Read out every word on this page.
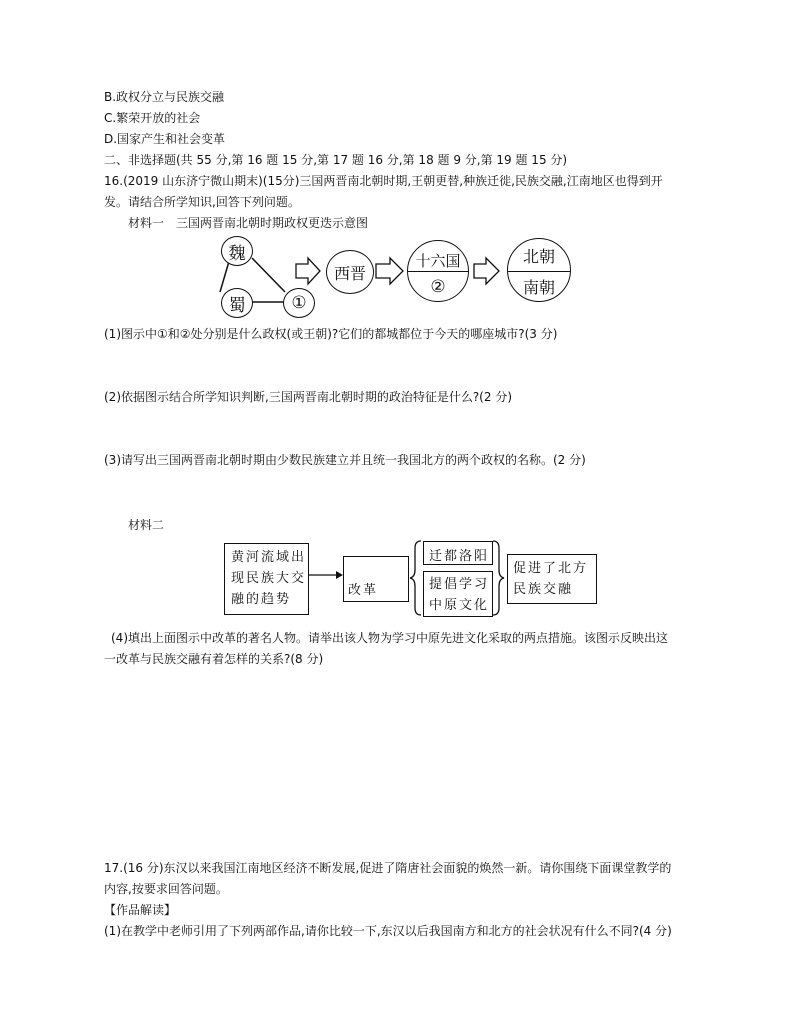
B.政权分立与民族交融
C.繁荣开放的社会
D.国家产生和社会变革
二、非选择题(共 55 分,第 16 题 15 分,第 17 题 16 分,第 18 题 9 分,第 19 题 15 分)
16.(2019 山东济宁微山期末)(15分)三国两晋南北朝时期,王朝更替,种族迁徙,民族交融,江南地区也得到开
发。请结合所学知识,回答下列问题。
材料一　三国两晋南北朝时期政权更迭示意图
魏
蜀	①
西晋
十六国
②
北朝
南朝
(1)图示中①和②处分别是什么政权(或王朝)?它们的都城都位于今天的哪座城市?(3 分)
(2)依据图示结合所学知识判断,三国两晋南北朝时期的政治特征是什么?(2 分)
(3)请写出三国两晋南北朝时期由少数民族建立并且统一我国北方的两个政权的名称。(2 分)
材料二
黄河流域出
现民族大交
融的趋势
改革
迁都洛阳
提倡学习
中原文化
促进了北方
民族交融
(4)填出上面图示中改革的著名人物。请举出该人物为学习中原先进文化采取的两点措施。该图示反映出这
一改革与民族交融有着怎样的关系?(8 分)
17.(16 分)东汉以来我国江南地区经济不断发展,促进了隋唐社会面貌的焕然一新。请你围绕下面课堂教学的
内容,按要求回答问题。
【作品解读】
(1)在教学中老师引用了下列两部作品,请你比较一下,东汉以后我国南方和北方的社会状况有什么不同?(4 分)
